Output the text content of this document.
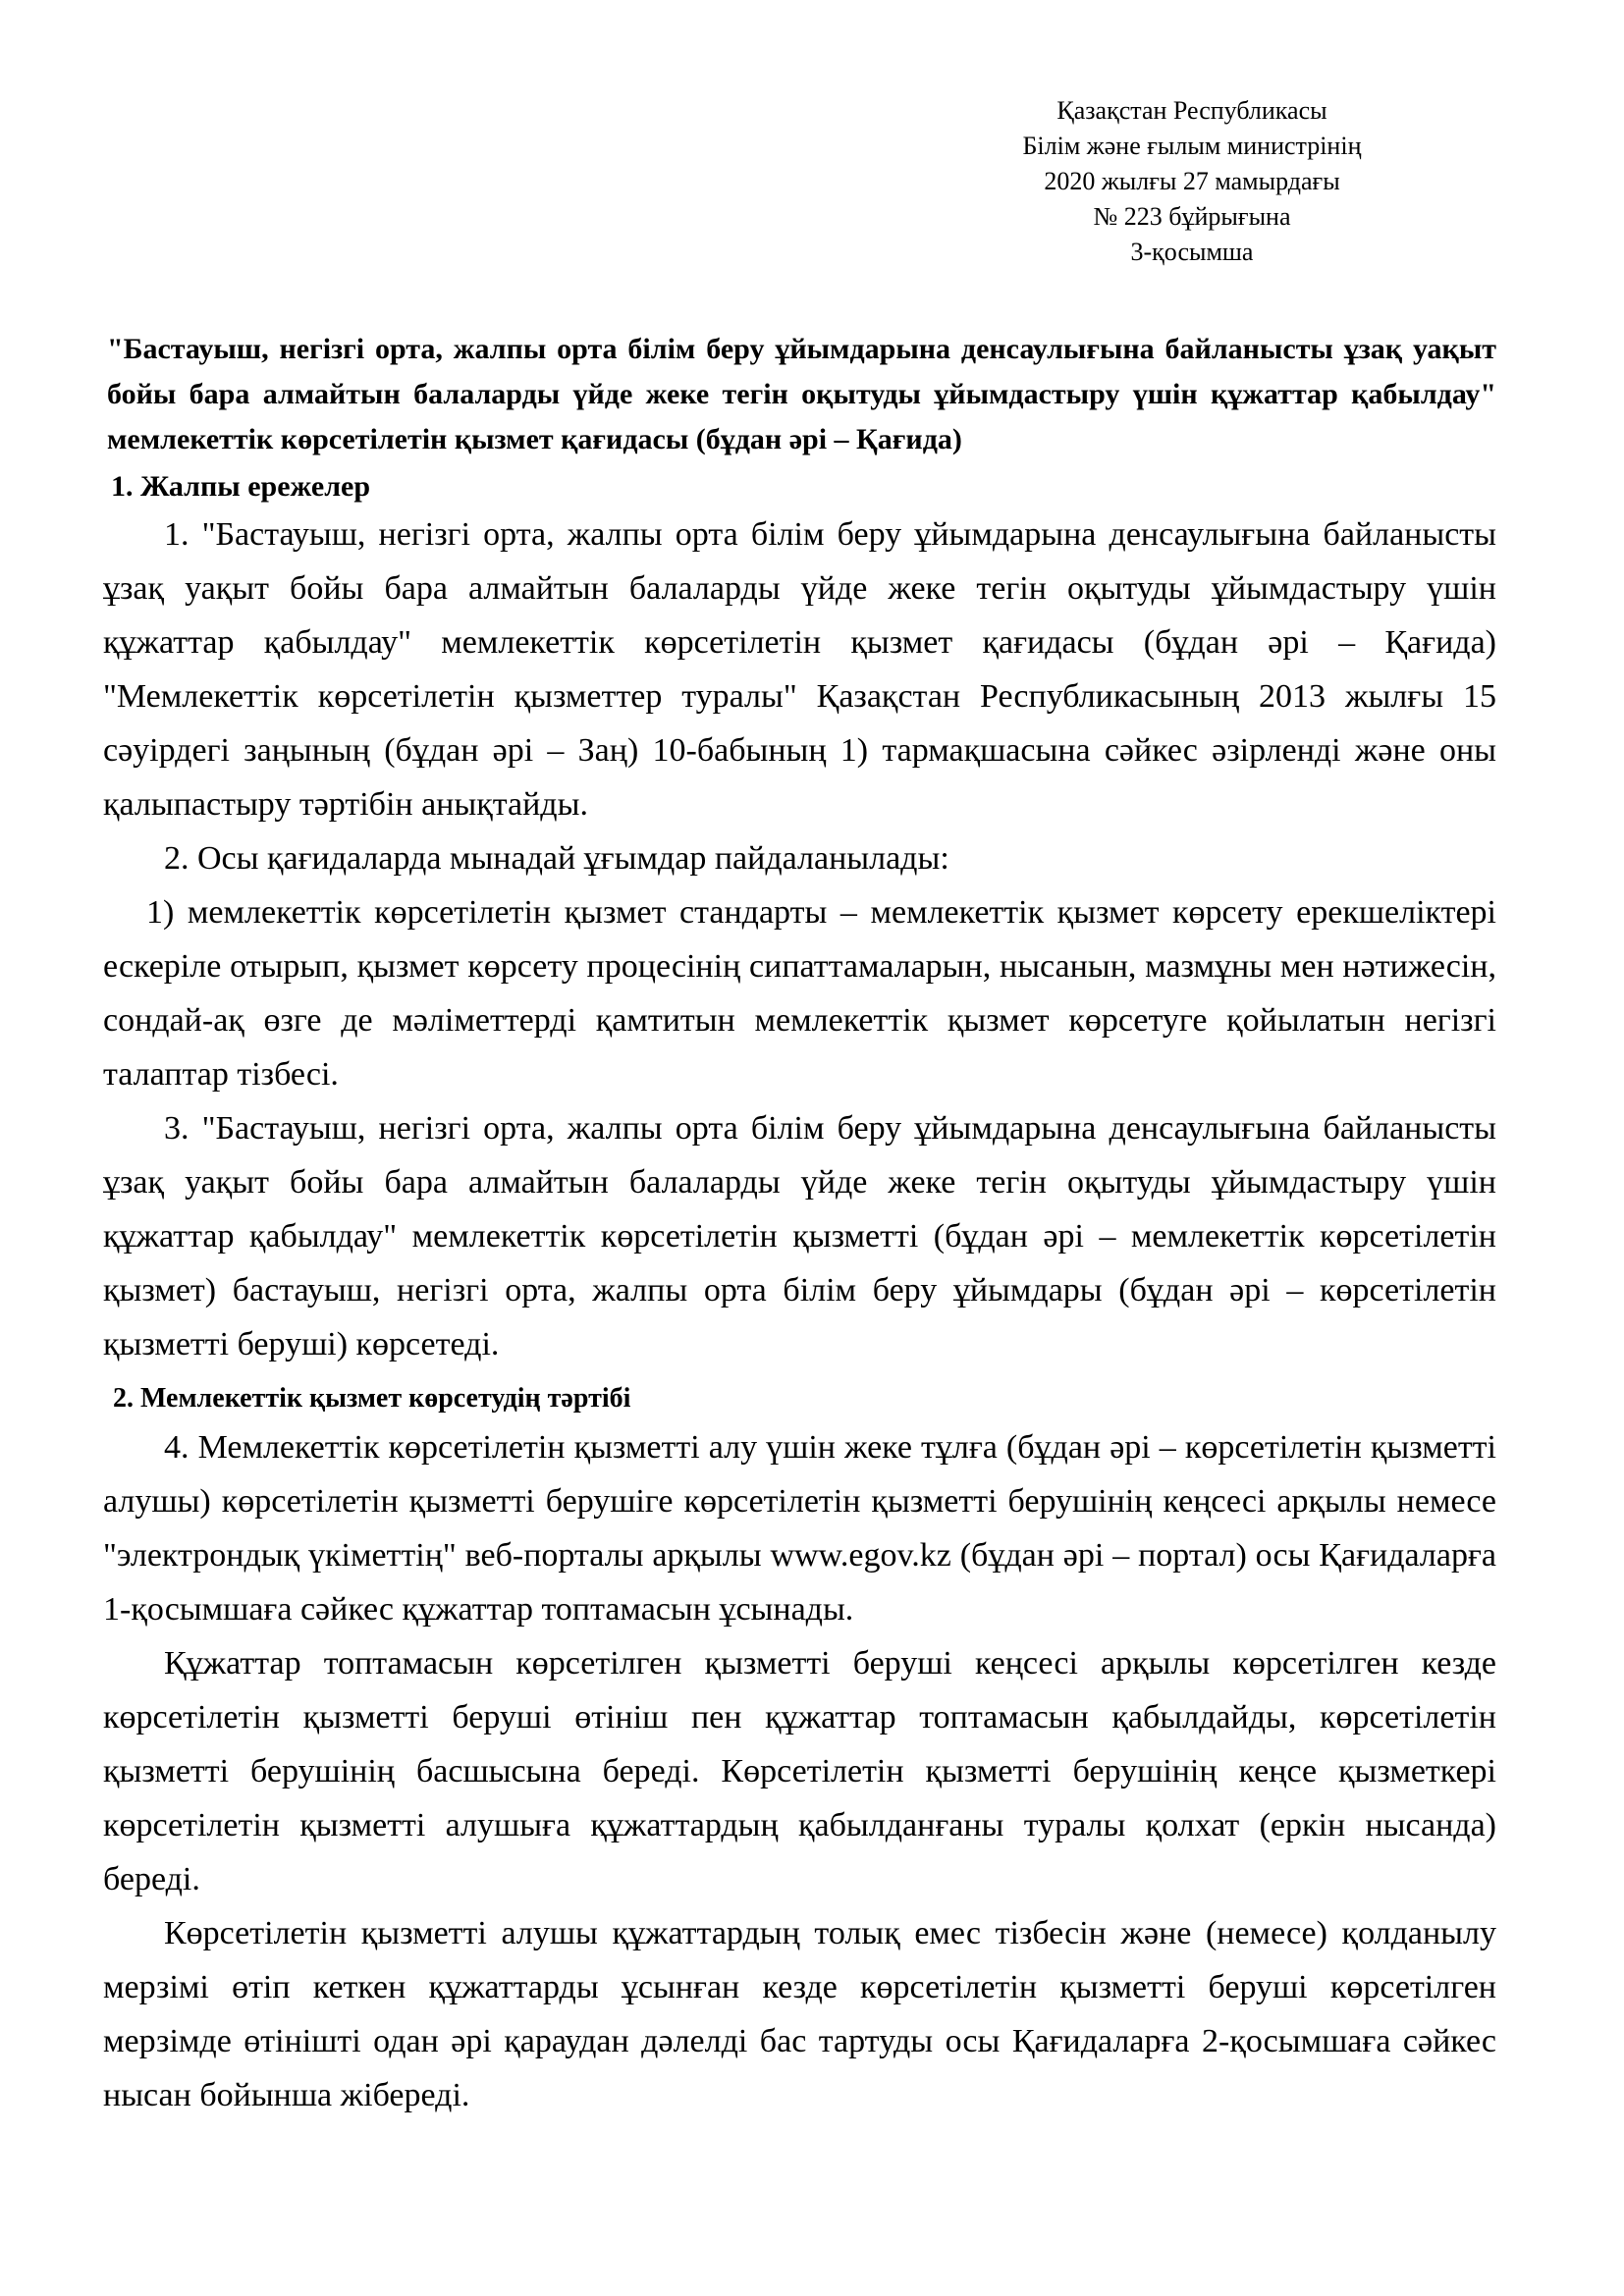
Қазақстан Республикасы
Білім және ғылым министрінің
2020 жылғы 27 мамырдағы
№ 223 бұйрығына
3-қосымша
"Бастауыш, негізгі орта, жалпы орта білім беру ұйымдарына денсаулығына байланысты ұзақ уақыт бойы бара алмайтын балаларды үйде жеке тегін оқытуды ұйымдастыру үшін құжаттар қабылдау" мемлекеттік көрсетілетін қызмет қағидасы (бұдан әрі – Қағида)
1. Жалпы ережелер

1. "Бастауыш, негізгі орта, жалпы орта білім беру ұйымдарына денсаулығына байланысты ұзақ уақыт бойы бара алмайтын балаларды үйде жеке тегін оқытуды ұйымдастыру үшін құжаттар қабылдау" мемлекеттік көрсетілетін қызмет қағидасы (бұдан әрі – Қағида) "Мемлекеттік көрсетілетін қызметтер туралы" Қазақстан Республикасының 2013 жылғы 15 сәуірдегі заңының (бұдан әрі – Заң) 10-бабының 1) тармақшасына сәйкес әзірленді және оны қалыпастыру тәртібін анықтайды.

2. Осы қағидаларда мынадай ұғымдар пайдаланылады:

1) мемлекеттік көрсетілетін қызмет стандарты – мемлекеттік қызмет көрсету ерекшеліктері ескеріле отырып, қызмет көрсету процесінің сипаттамаларын, нысанын, мазмұны мен нәтижесін, сондай-ақ өзге де мәліметтерді қамтитын мемлекеттік қызмет көрсетуге қойылатын негізгі талаптар тізбесі.

3. "Бастауыш, негізгі орта, жалпы орта білім беру ұйымдарына денсаулығына байланысты ұзақ уақыт бойы бара алмайтын балаларды үйде жеке тегін оқытуды ұйымдастыру үшін құжаттар қабылдау" мемлекеттік көрсетілетін қызметті (бұдан әрі – мемлекеттік көрсетілетін қызмет) бастауыш, негізгі орта, жалпы орта білім беру ұйымдары (бұдан әрі – көрсетілетін қызметті беруші) көрсетеді.

2. Мемлекеттік қызмет көрсетудің тәртібі

4. Мемлекеттік көрсетілетін қызметті алу үшін жеке тұлға (бұдан әрі – көрсетілетін қызметті алушы) көрсетілетін қызметті берушіге көрсетілетін қызметті берушінің кеңсесі арқылы немесе "электрондық үкіметтің" веб-порталы арқылы www.egov.kz (бұдан әрі – портал) осы Қағидаларға 1-қосымшаға сәйкес құжаттар топтамасын ұсынады.

Құжаттар топтамасын көрсетілген қызметті беруші кеңсесі арқылы көрсетілген кезде көрсетілетін қызметті беруші өтініш пен құжаттар топтамасын қабылдайды, көрсетілетін қызметті берушінің басшысына береді. Көрсетілетін қызметті берушінің кеңсе қызметкері көрсетілетін қызметті алушыға құжаттардың қабылданғаны туралы қолхат (еркін нысанда) береді.

Көрсетілетін қызметті алушы құжаттардың толық емес тізбесін және (немесе) қолданылу мерзімі өтіп кеткен құжаттарды ұсынған кезде көрсетілетін қызметті беруші көрсетілген мерзімде өтінішті одан әрі қараудан дәлелді бас тартуды осы Қағидаларға 2-қосымшаға сәйкес нысан бойынша жібереді.
